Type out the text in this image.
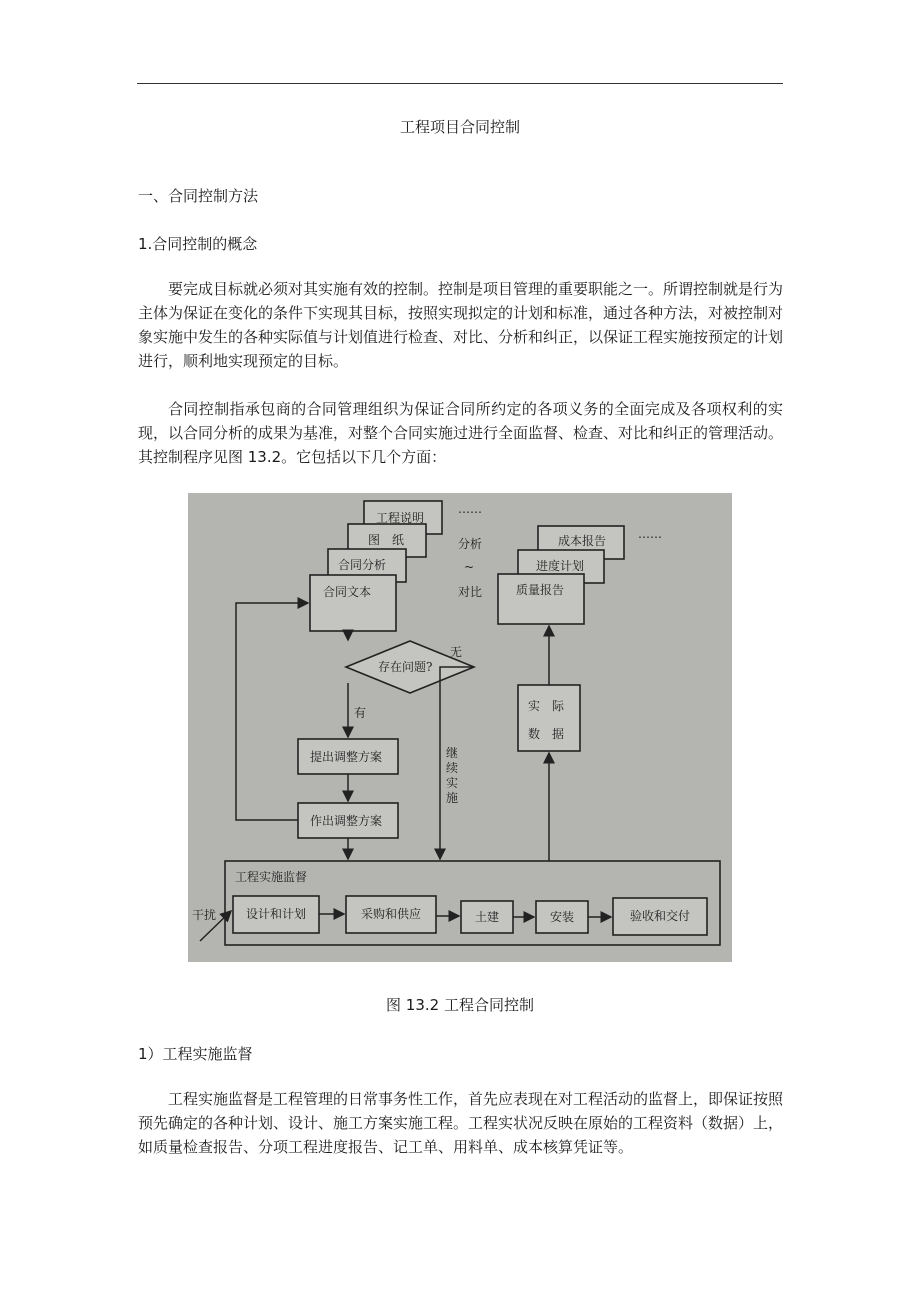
工程项目合同控制
一、合同控制方法
1.合同控制的概念

要完成目标就必须对其实施有效的控制。控制是项目管理的重要职能之一。所谓控制就是行为主体为保证在变化的条件下实现其目标，按照实现拟定的计划和标准，通过各种方法，对被控制对象实施中发生的各种实际值与计划值进行检查、对比、分析和纠正，以保证工程实施按预定的计划进行，顺利地实现预定的目标。

合同控制指承包商的合同管理组织为保证合同所约定的各项义务的全面完成及各项权利的实现，以合同分析的成果为基准，对整个合同实施过进行全面监督、检查、对比和纠正的管理活动。其控制程序见图 13.2。它包括以下几个方面：

工程说明
图　纸
合同分析
合同文本
……
分析
~
对比
成本报告
进度计划
质量报告
……
存在问题?
有
无
提出调整方案
作出调整方案
实　际
数　据
工程实施监督
干扰 设计和计划	采购和供应	土建	安装	验收和交付
继续实施
图 13.2 工程合同控制
1）工程实施监督

工程实施监督是工程管理的日常事务性工作，首先应表现在对工程活动的监督上，即保证按照预先确定的各种计划、设计、施工方案实施工程。工程实状况反映在原始的工程资料（数据）上，如质量检查报告、分项工程进度报告、记工单、用料单、成本核算凭证等。
